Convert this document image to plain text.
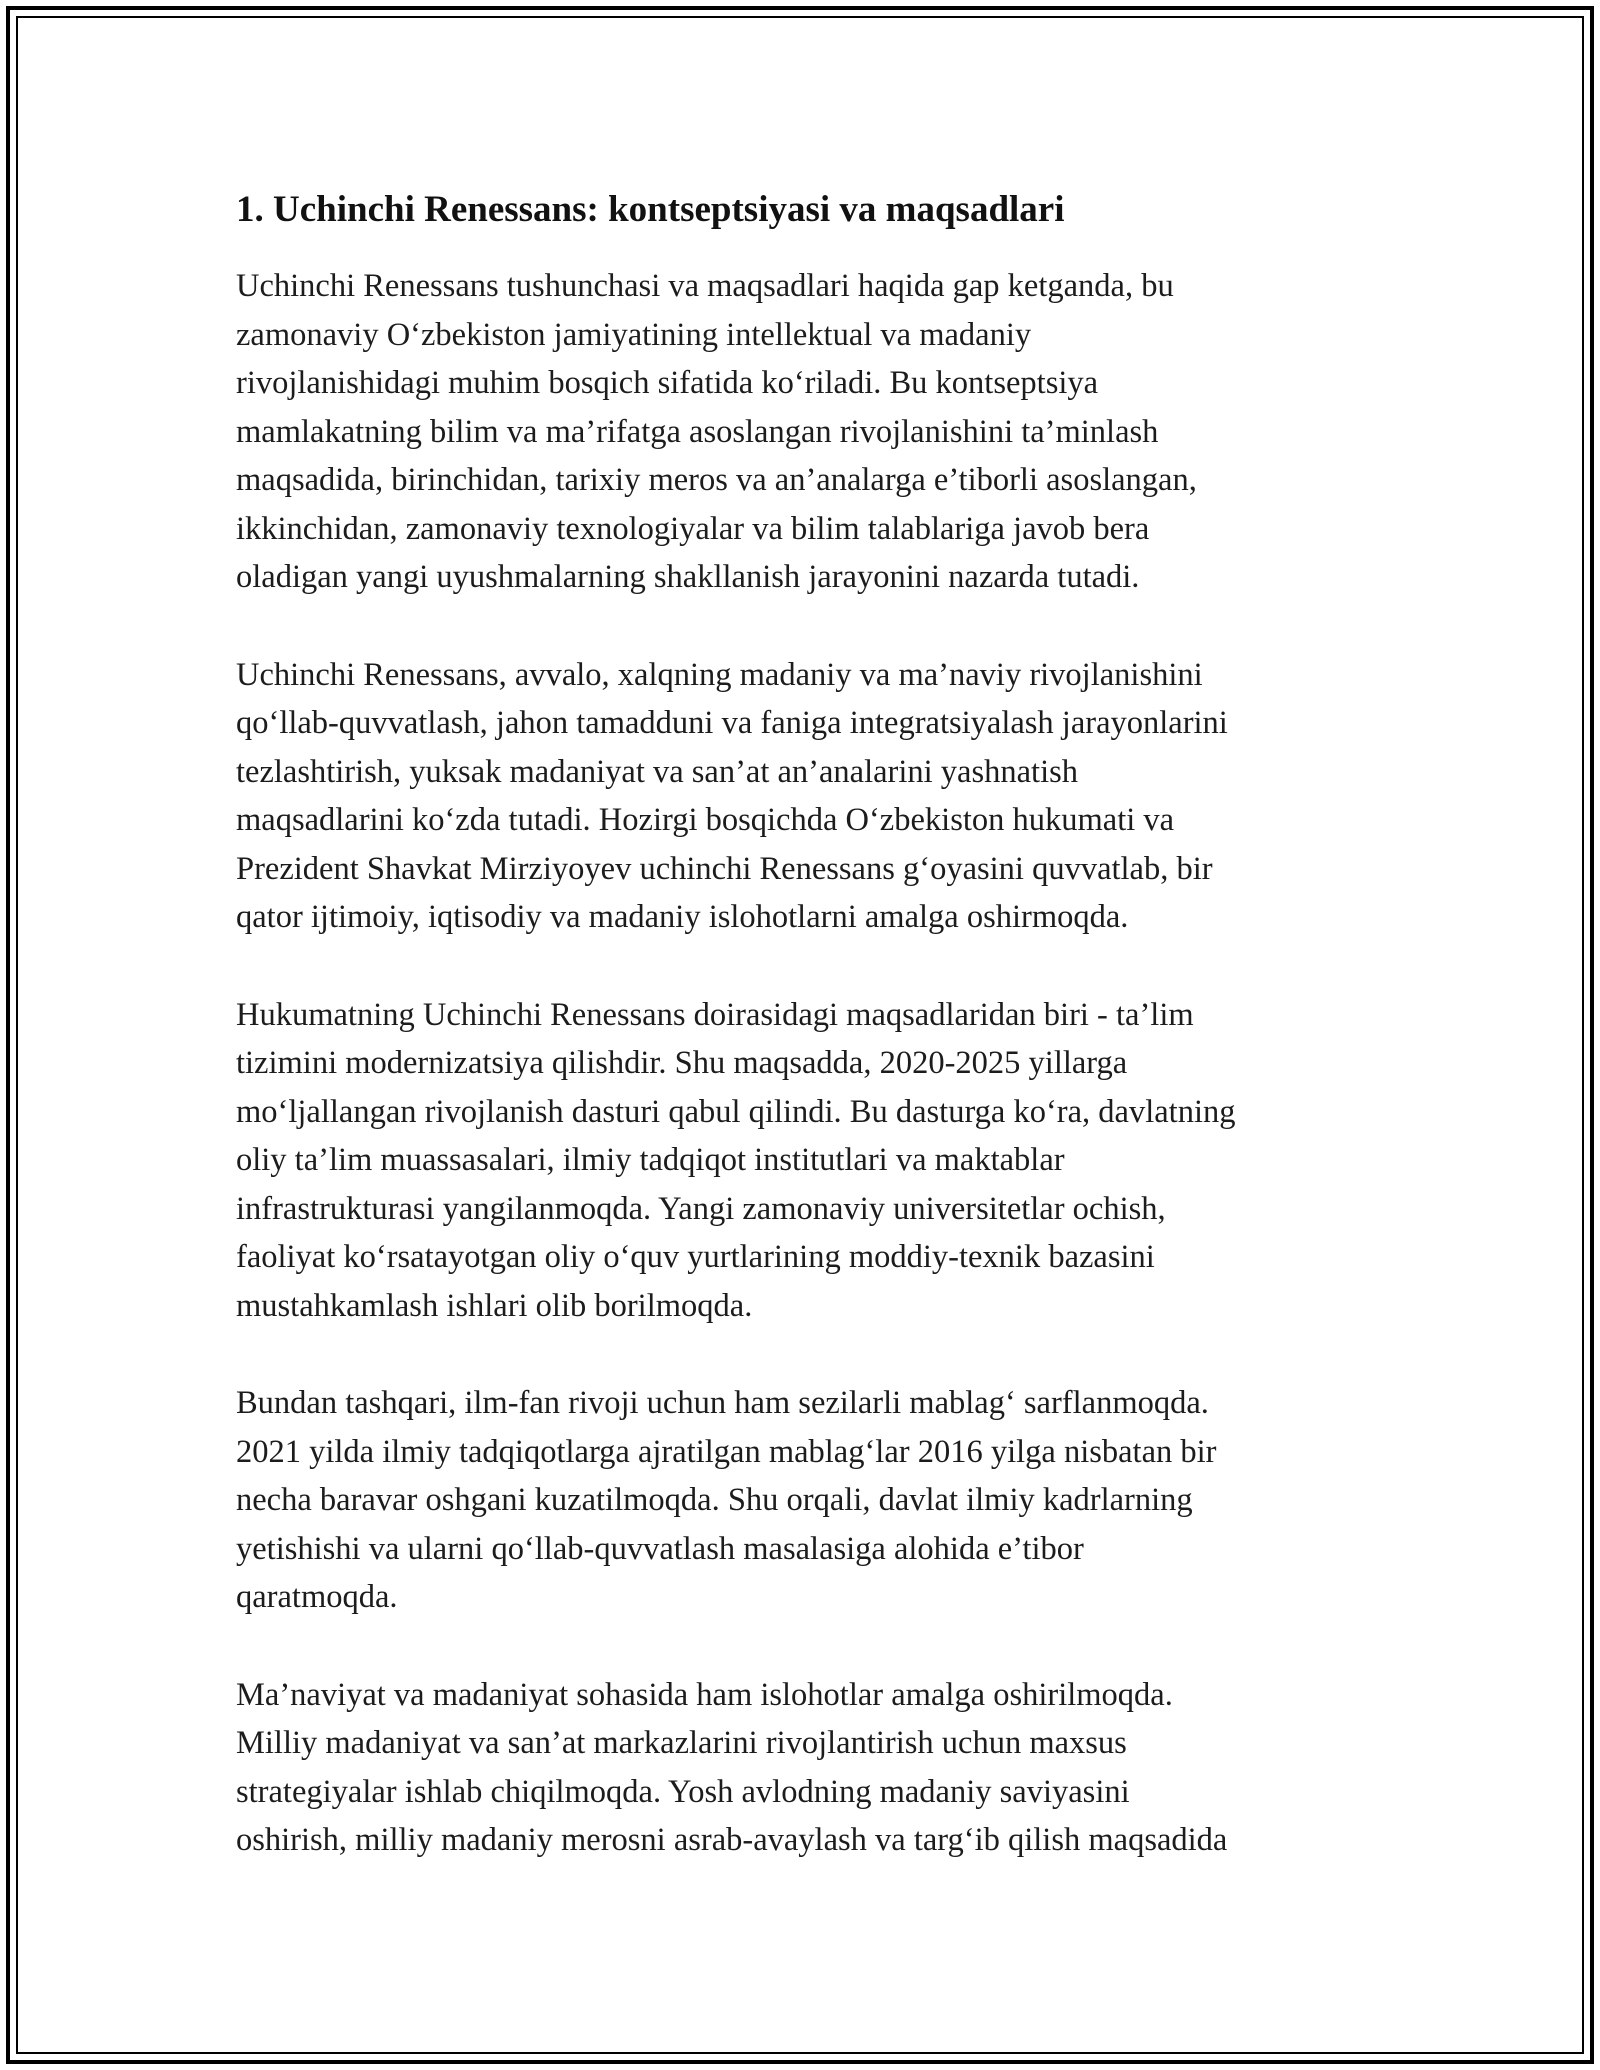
1. Uchinchi Renessans: kontseptsiyasi va maqsadlari

Uchinchi Renessans tushunchasi va maqsadlari haqida gap ketganda, bu
zamonaviy O‘zbekiston jamiyatining intellektual va madaniy
rivojlanishidagi muhim bosqich sifatida ko‘riladi. Bu kontseptsiya
mamlakatning bilim va ma’rifatga asoslangan rivojlanishini ta’minlash
maqsadida, birinchidan, tarixiy meros va an’analarga e’tiborli asoslangan,
ikkinchidan, zamonaviy texnologiyalar va bilim talablariga javob bera
oladigan yangi uyushmalarning shakllanish jarayonini nazarda tutadi.

Uchinchi Renessans, avvalo, xalqning madaniy va ma’naviy rivojlanishini
qo‘llab-quvvatlash, jahon tamadduni va faniga integratsiyalash jarayonlarini
tezlashtirish, yuksak madaniyat va san’at an’analarini yashnatish
maqsadlarini ko‘zda tutadi. Hozirgi bosqichda O‘zbekiston hukumati va
Prezident Shavkat Mirziyoyev uchinchi Renessans g‘oyasini quvvatlab, bir
qator ijtimoiy, iqtisodiy va madaniy islohotlarni amalga oshirmoqda.

Hukumatning Uchinchi Renessans doirasidagi maqsadlaridan biri - ta’lim
tizimini modernizatsiya qilishdir. Shu maqsadda, 2020-2025 yillarga
mo‘ljallangan rivojlanish dasturi qabul qilindi. Bu dasturga ko‘ra, davlatning
oliy ta’lim muassasalari, ilmiy tadqiqot institutlari va maktablar
infrastrukturasi yangilanmoqda. Yangi zamonaviy universitetlar ochish,
faoliyat ko‘rsatayotgan oliy o‘quv yurtlarining moddiy-texnik bazasini
mustahkamlash ishlari olib borilmoqda.

Bundan tashqari, ilm-fan rivoji uchun ham sezilarli mablag‘ sarflanmoqda.
2021 yilda ilmiy tadqiqotlarga ajratilgan mablag‘lar 2016 yilga nisbatan bir
necha baravar oshgani kuzatilmoqda. Shu orqali, davlat ilmiy kadrlarning
yetishishi va ularni qo‘llab-quvvatlash masalasiga alohida e’tibor
qaratmoqda.

Ma’naviyat va madaniyat sohasida ham islohotlar amalga oshirilmoqda.
Milliy madaniyat va san’at markazlarini rivojlantirish uchun maxsus
strategiyalar ishlab chiqilmoqda. Yosh avlodning madaniy saviyasini
oshirish, milliy madaniy merosni asrab-avaylash va targ‘ib qilish maqsadida
